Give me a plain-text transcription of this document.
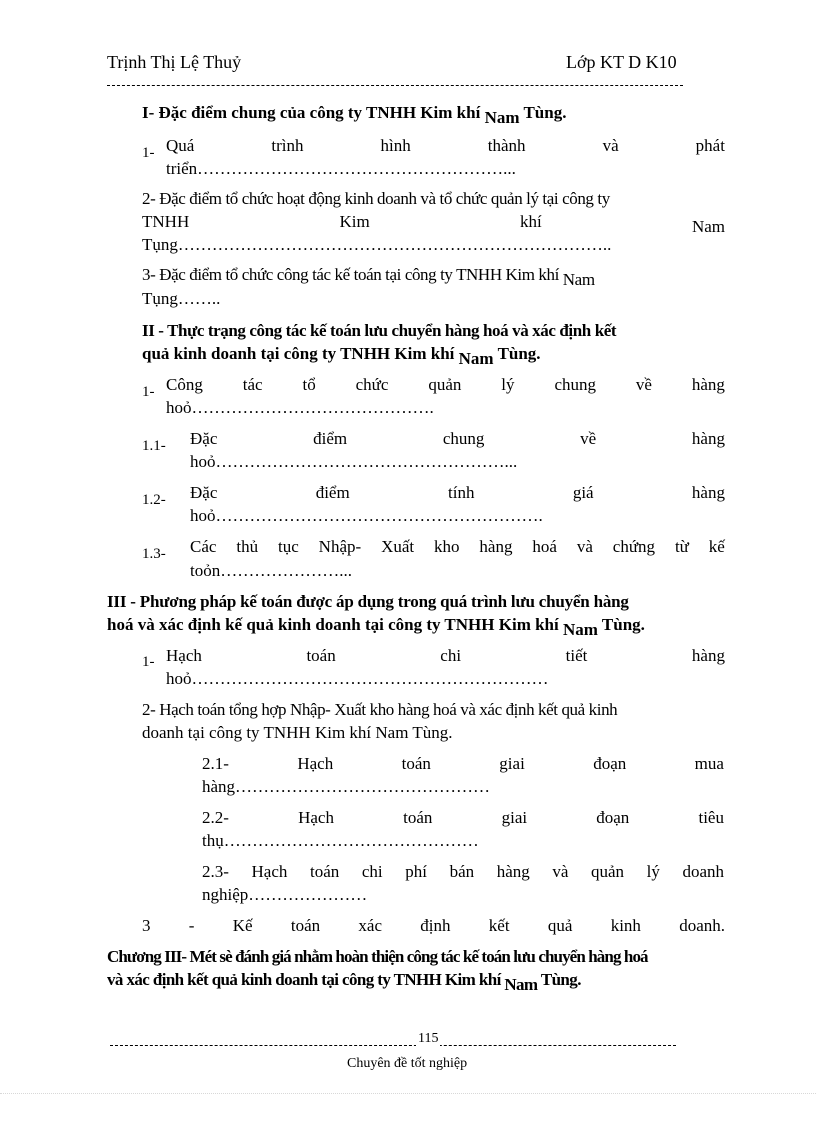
Trịnh Thị Lệ Thuỷ	Lớp KT D K10
I- Đặc điểm chung của công ty TNHH Kim khí Nam Tùng.
1- Quá	trình	hình	thành	và	phát
triển………………………………………………...
2- Đặc điểm tổ chức hoạt động kinh doanh và tổ chức quản lý tại công ty
TNHH	Kim	khí	Nam
Tụng…………………………………………………………………..
3- Đặc điểm tổ chức công tác kế toán tại công ty TNHH Kim khí Nam
Tụng……..
II - Thực trạng công tác kế toán lưu chuyển hàng hoá và xác định kết
quả kinh doanh tại công ty TNHH Kim khí Nam Tùng.
1- Công tác tổ chức quản lý chung về hàng
hoỏ…………………………………….
1.1- Đặc	điểm	chung	về	hàng
hoỏ……………………………………………...
1.2- Đặc	điểm	tính	giá	hàng
hoỏ………………………………………………….
1.3- Các thủ tục Nhập- Xuất kho hàng hoá và chứng từ kế
toỏn…………………...
III - Phương pháp kế toán được áp dụng trong quá trình lưu chuyển hàng
hoá và xác định kế quả kinh doanh tại công ty TNHH Kim khí Nam Tùng.
1- Hạch	toán	chi	tiết	hàng
hoỏ………………………………………………………
2- Hạch toán tổng hợp Nhập- Xuất kho hàng hoá và xác định kết quả kinh
doanh tại công ty TNHH Kim khí Nam Tùng.
2.1-	Hạch	toán	giai	đoạn	mua
hàng………………………………………
2.2-	Hạch	toán	giai	đoạn	tiêu
thụ………………………………………
2.3- Hạch toán chi phí bán hàng và quản lý doanh
nghiệp…………………
3 - Kế toán xác định kết quả kinh doanh.
Chương III- Mét sè đánh giá nhằm hoàn thiện công tác kế toán lưu chuyển hàng hoá
và xác định kết quả kinh doanh tại công ty TNHH Kim khí Nam Tùng.
115
Chuyên đề tốt nghiệp
